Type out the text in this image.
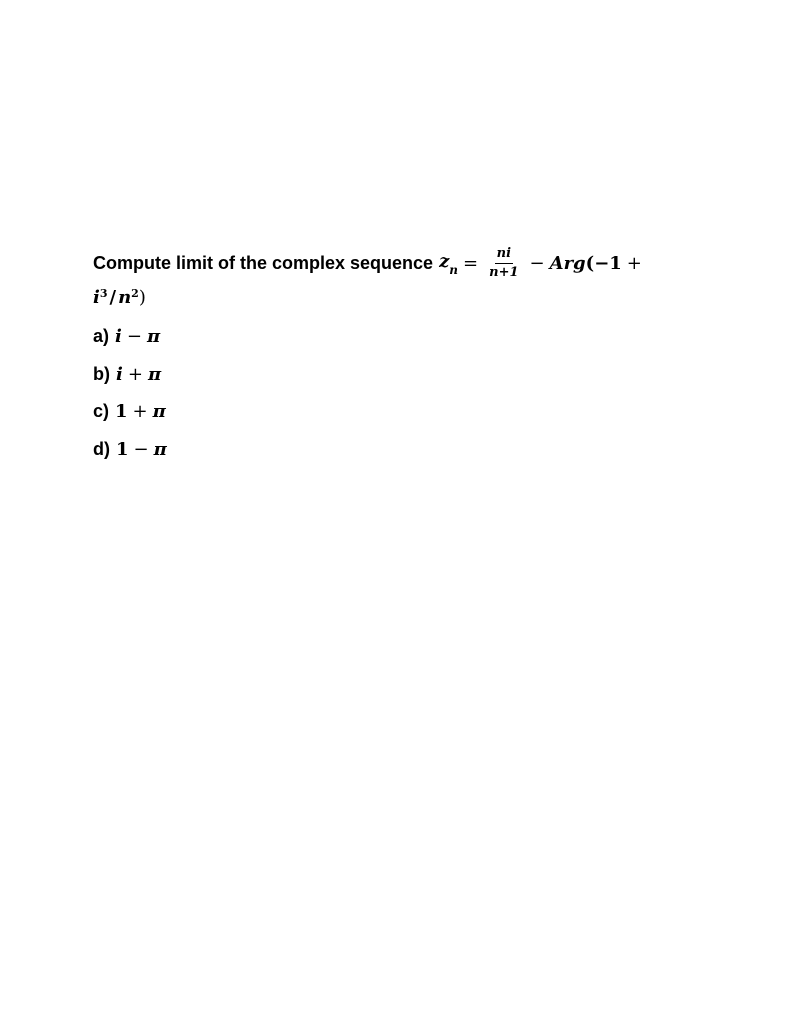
Compute limit of the complex sequence $z_n = \frac{ni}{n+1}$ − Arg ( −1 +
$i^3 / n^2$ )
a) i − π
b) i + π
c) 1 + π
d) 1 − π
